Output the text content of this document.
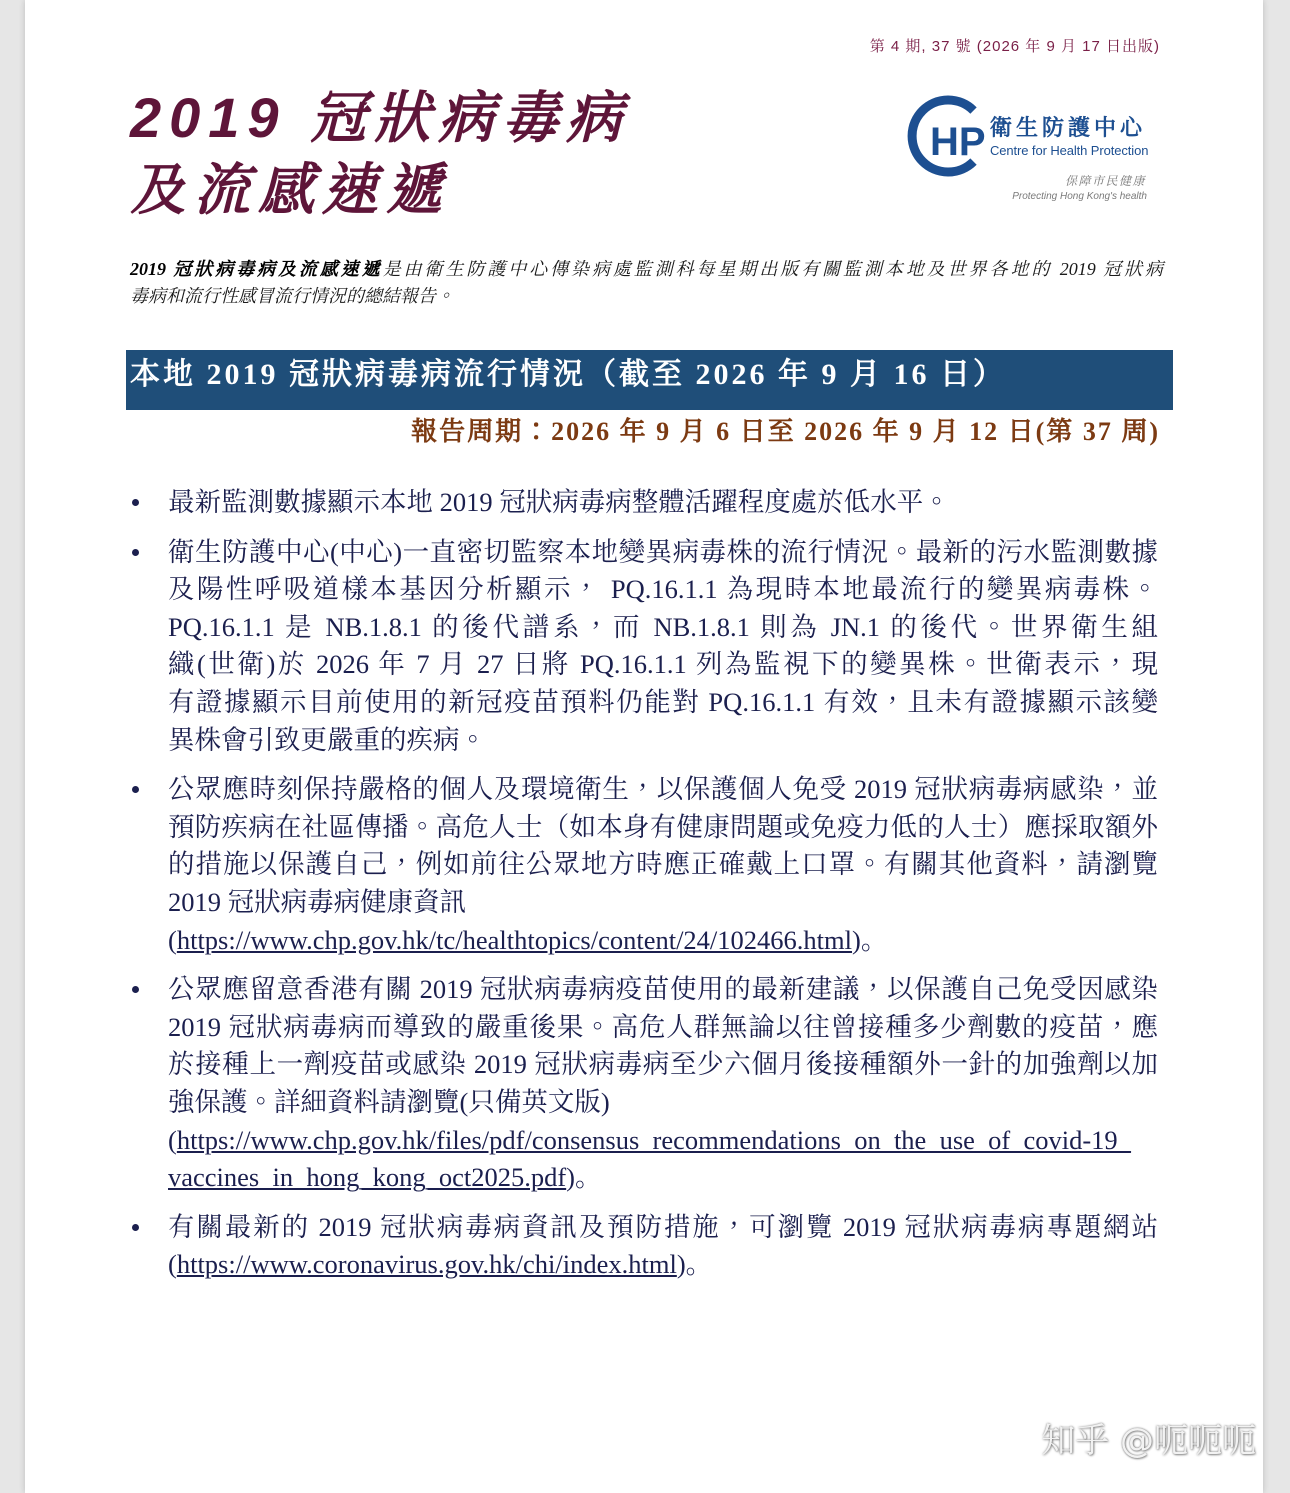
第 4 期, 37 號 (2026 年 9 月 17 日出版)
2019 冠狀病毒病
及流感速遞
HP 衛生防護中心
Centre for Health Protection
保障市民健康
Protecting Hong Kong's health
2019 冠狀病毒病及流感速遞是由衛生防護中心傳染病處監測科每星期出版有關監測本地及世界各地的 2019 冠狀病
毒病和流行性感冒流行情況的總結報告。
本地 2019 冠狀病毒病流行情況（截至 2026 年 9 月 16 日）
報告周期：2026 年 9 月 6 日至 2026 年 9 月 12 日(第 37 周)
最新監測數據顯示本地 2019 冠狀病毒病整體活躍程度處於低水平。
衛生防護中心(中心)一直密切監察本地變異病毒株的流行情況。最新的污水監測數據
及陽性呼吸道樣本基因分析顯示， PQ.16.1.1 為現時本地最流行的變異病毒株。
PQ.16.1.1 是 NB.1.8.1 的後代譜系，而 NB.1.8.1 則為 JN.1 的後代。世界衛生組
織(世衛)於 2026 年 7 月 27 日將 PQ.16.1.1 列為監視下的變異株。世衛表示，現
有證據顯示目前使用的新冠疫苗預料仍能對 PQ.16.1.1 有效，且未有證據顯示該變
異株會引致更嚴重的疾病。
公眾應時刻保持嚴格的個人及環境衛生，以保護個人免受 2019 冠狀病毒病感染，並
預防疾病在社區傳播。高危人士（如本身有健康問題或免疫力低的人士）應採取額外
的措施以保護自己，例如前往公眾地方時應正確戴上口罩。有關其他資料，請瀏覽
2019 冠狀病毒病健康資訊
(https://www.chp.gov.hk/tc/healthtopics/content/24/102466.html)。
公眾應留意香港有關 2019 冠狀病毒病疫苗使用的最新建議，以保護自己免受因感染
2019 冠狀病毒病而導致的嚴重後果。高危人群無論以往曾接種多少劑數的疫苗，應
於接種上一劑疫苗或感染 2019 冠狀病毒病至少六個月後接種額外一針的加強劑以加
強保護。詳細資料請瀏覽(只備英文版)
(https://www.chp.gov.hk/files/pdf/consensus_recommendations_on_the_use_of_covid-19_
vaccines_in_hong_kong_oct2025.pdf)。
有關最新的 2019 冠狀病毒病資訊及預防措施，可瀏覽 2019 冠狀病毒病專題網站
(https://www.coronavirus.gov.hk/chi/index.html)。
知乎 @呃呃呃
